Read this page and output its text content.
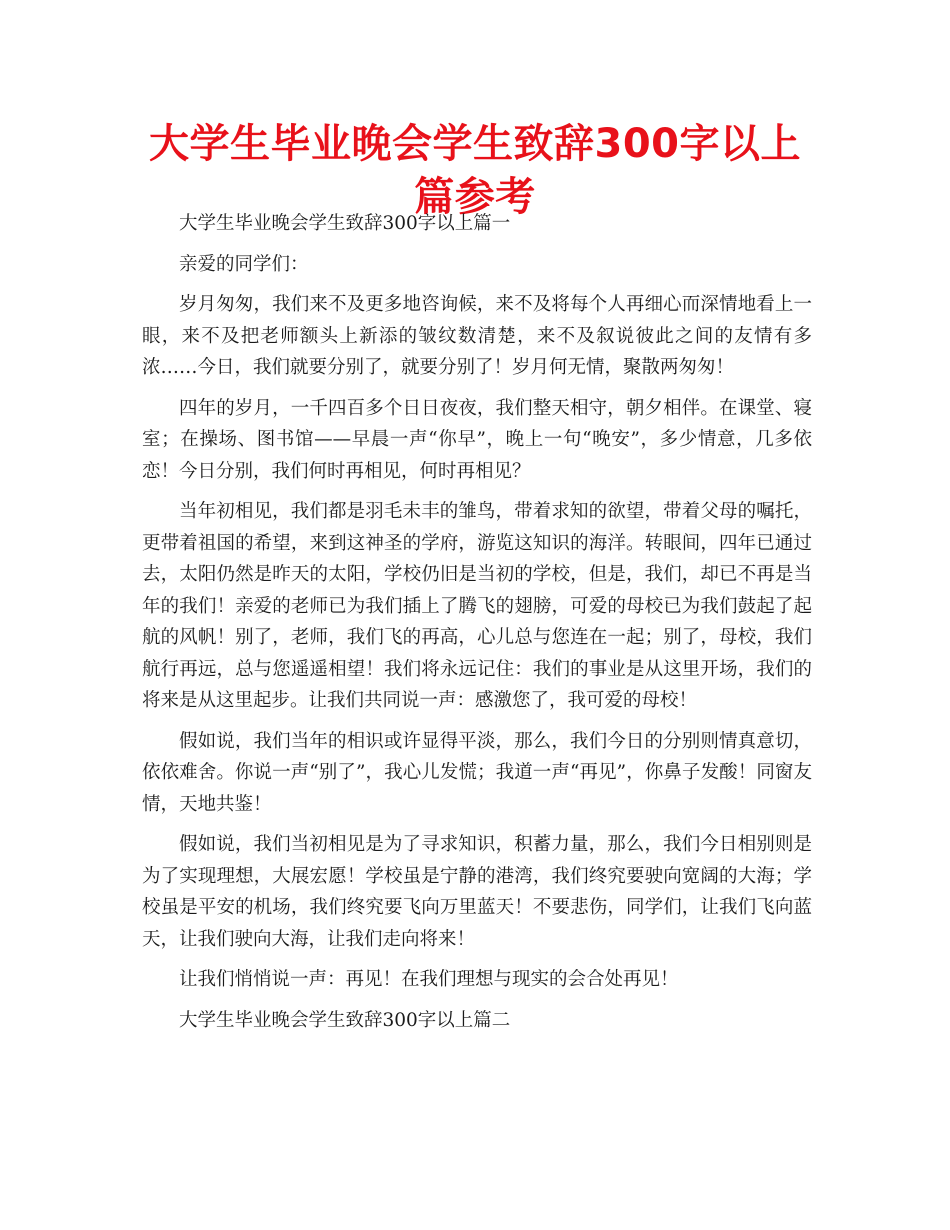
大学生毕业晚会学生致辞300字以上篇参考

大学生毕业晚会学生致辞300字以上篇一

亲爱的同学们：

岁月匆匆，我们来不及更多地咨询候，来不及将每个人再细心而深情地看上一眼，来不及把老师额头上新添的皱纹数清楚，来不及叙说彼此之间的友情有多浓……今日，我们就要分别了，就要分别了！岁月何无情，聚散两匆匆！

四年的岁月，一千四百多个日日夜夜，我们整天相守，朝夕相伴。在课堂、寝室；在操场、图书馆——早晨一声“你早”，晚上一句“晚安”，多少情意，几多依恋！今日分别，我们何时再相见，何时再相见？

当年初相见，我们都是羽毛未丰的雏鸟，带着求知的欲望，带着父母的嘱托，更带着祖国的希望，来到这神圣的学府，游览这知识的海洋。转眼间，四年已通过去，太阳仍然是昨天的太阳，学校仍旧是当初的学校，但是，我们，却已不再是当年的我们！亲爱的老师已为我们插上了腾飞的翅膀，可爱的母校已为我们鼓起了起航的风帆！别了，老师，我们飞的再高，心儿总与您连在一起；别了，母校，我们航行再远，总与您遥遥相望！我们将永远记住：我们的事业是从这里开场，我们的将来是从这里起步。让我们共同说一声：感激您了，我可爱的母校！

假如说，我们当年的相识或许显得平淡，那么，我们今日的分别则情真意切，依依难舍。你说一声“别了”，我心儿发慌；我道一声“再见”，你鼻子发酸！同窗友情，天地共鉴！

假如说，我们当初相见是为了寻求知识，积蓄力量，那么，我们今日相别则是为了实现理想，大展宏愿！学校虽是宁静的港湾，我们终究要驶向宽阔的大海；学校虽是平安的机场，我们终究要飞向万里蓝天！不要悲伤，同学们，让我们飞向蓝天，让我们驶向大海，让我们走向将来！

让我们悄悄说一声：再见！在我们理想与现实的会合处再见！

大学生毕业晚会学生致辞300字以上篇二
